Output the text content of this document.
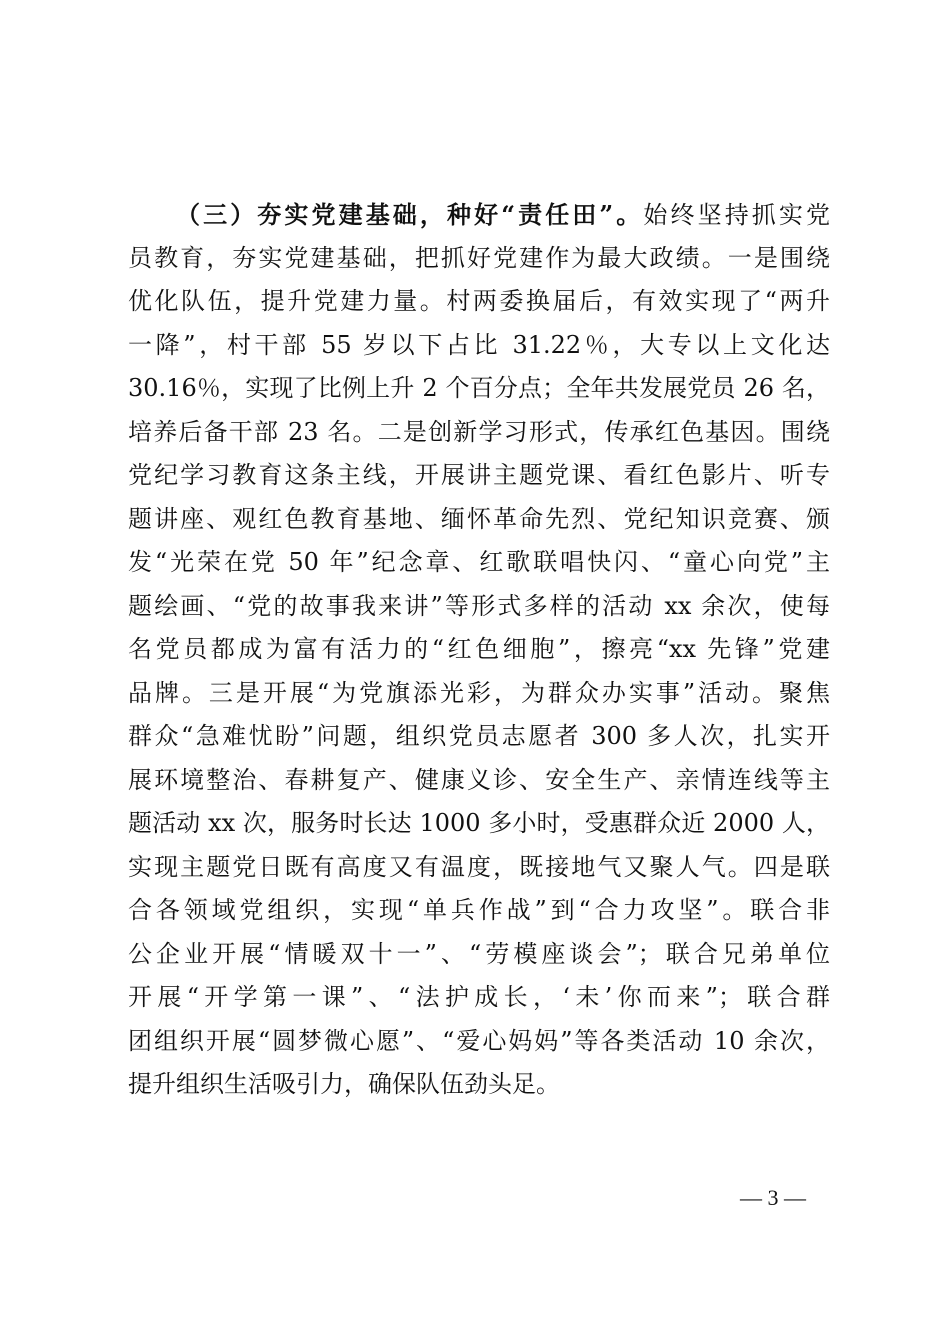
（三）夯实党建基础，种好“责任田”。始终坚持抓实党
员教育，夯实党建基础，把抓好党建作为最大政绩。一是围绕
优化队伍，提升党建力量。村两委换届后，有效实现了“两升
一降”，村干部 55 岁以下占比 31.22％，大专以上文化达
30.16％，实现了比例上升 2 个百分点；全年共发展党员 26 名，
培养后备干部 23 名。二是创新学习形式，传承红色基因。围绕
党纪学习教育这条主线，开展讲主题党课、看红色影片、听专
题讲座、观红色教育基地、缅怀革命先烈、党纪知识竞赛、颁
发“光荣在党 50 年”纪念章、红歌联唱快闪、“童心向党”主
题绘画、“党的故事我来讲”等形式多样的活动 xx 余次，使每
名党员都成为富有活力的“红色细胞”，擦亮“xx 先锋”党建
品牌。三是开展“为党旗添光彩，为群众办实事”活动。聚焦
群众“急难忧盼”问题，组织党员志愿者 300 多人次，扎实开
展环境整治、春耕复产、健康义诊、安全生产、亲情连线等主
题活动 xx 次，服务时长达 1000 多小时，受惠群众近 2000 人，
实现主题党日既有高度又有温度，既接地气又聚人气。四是联
合各领域党组织，实现“单兵作战”到“合力攻坚”。联合非
公企业开展“情暖双十一”、“劳模座谈会”；联合兄弟单位
开展“开学第一课”、“法护成长，‘未’你而来”；联合群
团组织开展“圆梦微心愿”、“爱心妈妈”等各类活动 10 余次，
提升组织生活吸引力，确保队伍劲头足。
— 3 —
